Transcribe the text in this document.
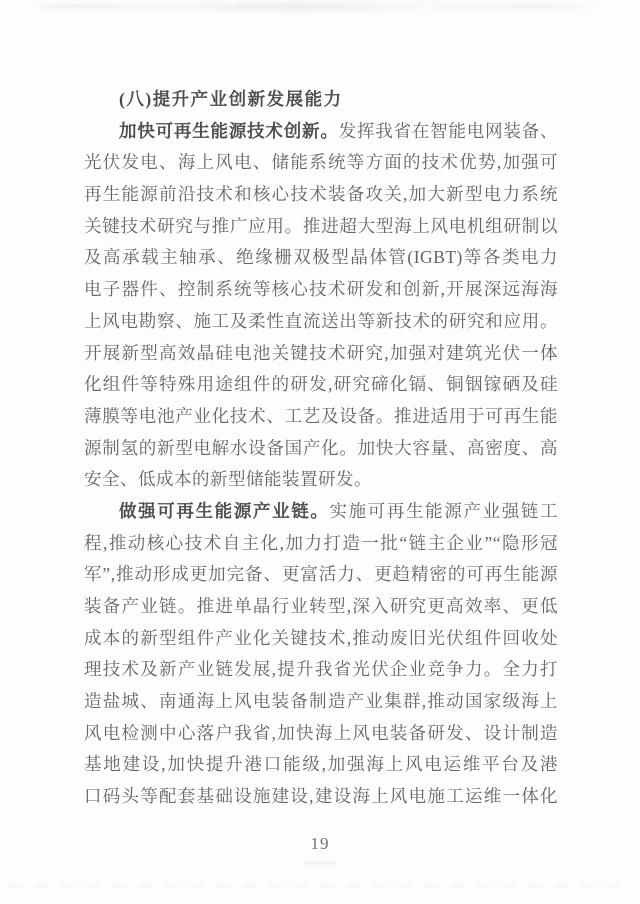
(八)提升产业创新发展能力
加快可再生能源技术创新。发挥我省在智能电网装备、
光伏发电、海上风电、储能系统等方面的技术优势,加强可
再生能源前沿技术和核心技术装备攻关,加大新型电力系统
关键技术研究与推广应用。推进超大型海上风电机组研制以
及高承载主轴承、绝缘栅双极型晶体管(IGBT)等各类电力
电子器件、控制系统等核心技术研发和创新,开展深远海海
上风电勘察、施工及柔性直流送出等新技术的研究和应用。
开展新型高效晶硅电池关键技术研究,加强对建筑光伏一体
化组件等特殊用途组件的研发,研究碲化镉、铜铟镓硒及硅
薄膜等电池产业化技术、工艺及设备。推进适用于可再生能
源制氢的新型电解水设备国产化。加快大容量、高密度、高
安全、低成本的新型储能装置研发。
做强可再生能源产业链。实施可再生能源产业强链工
程,推动核心技术自主化,加力打造一批“链主企业”“隐形冠
军”,推动形成更加完备、更富活力、更趋精密的可再生能源
装备产业链。推进单晶行业转型,深入研究更高效率、更低
成本的新型组件产业化关键技术,推动废旧光伏组件回收处
理技术及新产业链发展,提升我省光伏企业竞争力。全力打
造盐城、南通海上风电装备制造产业集群,推动国家级海上
风电检测中心落户我省,加快海上风电装备研发、设计制造
基地建设,加快提升港口能级,加强海上风电运维平台及港
口码头等配套基础设施建设,建设海上风电施工运维一体化
19
